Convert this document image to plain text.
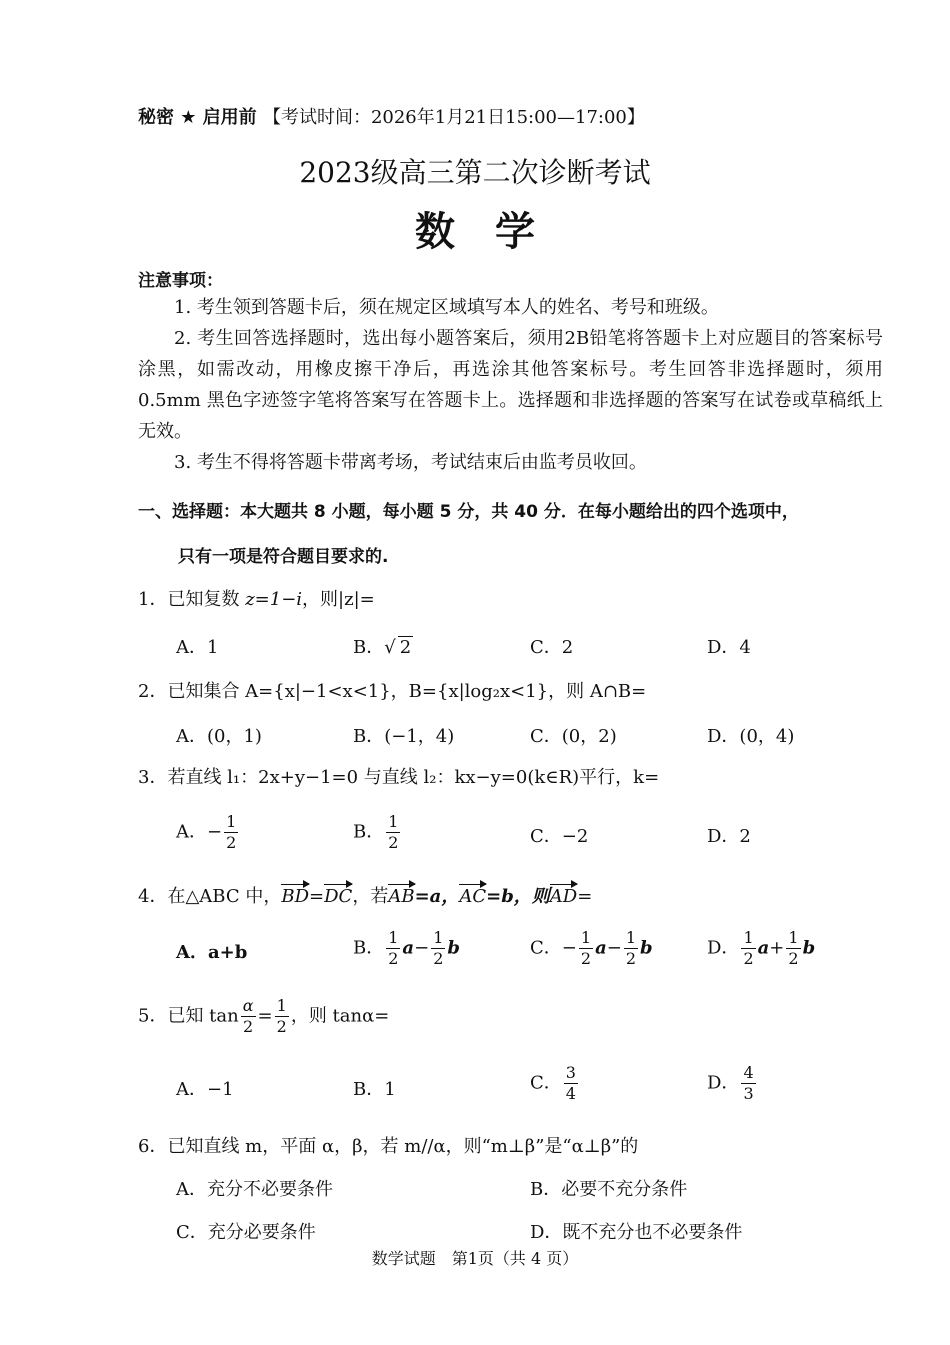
秘密 ★ 启用前 【考试时间：2026年1月21日15:00—17:00】
2023级高三第二次诊断考试
数学
注意事项：
1. 考生领到答题卡后，须在规定区域填写本人的姓名、考号和班级。
2. 考生回答选择题时，选出每小题答案后，须用2B铅笔将答题卡上对应题目的答案标号涂黑，如需改动，用橡皮擦干净后，再选涂其他答案标号。考生回答非选择题时，须用 0.5mm 黑色字迹签字笔将答案写在答题卡上。选择题和非选择题的答案写在试卷或草稿纸上无效。
3. 考生不得将答题卡带离考场，考试结束后由监考员收回。
一、选择题：本大题共 8 小题，每小题 5 分，共 40 分．在每小题给出的四个选项中，
只有一项是符合题目要求的.
1．已知复数 z=1−i，则|z|=
A．1	B．√ 2	C．2	D．4
2．已知集合 A={x|−1<x<1}，B={x|log₂x<1}，则 A∩B=
A．(0，1)	B．(−1，4)	C．(0，2)	D．(0，4)
3．若直线 l₁：2x+y−1=0 与直线 l₂：kx−y=0(k∈R)平行，k=
A．− $\frac{1}{2}$	B． $\frac{1}{2}$	C．−2	D．2
4．在△ABC 中，BD=DC，若AB=a，AC=b，则AD=
A．a+b	B． $\frac{1}{2} a- \frac{1}{2}$ b	C．− $\frac{1}{2} a- \frac{1}{2}$ b	D． $\frac{1}{2} a+ \frac{1}{2}$ b
5．已知 $\tan \frac{\alpha}{2} = \frac{1}{2}$ ，则 tanα=
A．−1	B．1	C． $\frac{3}{4}$	D． $\frac{4}{3}$
6．已知直线 m，平面 α，β，若 m//α，则“m⊥β”是“α⊥β”的
A．充分不必要条件	B．必要不充分条件
C．充分必要条件	D．既不充分也不必要条件
数学试题　第1页（共 4 页）
